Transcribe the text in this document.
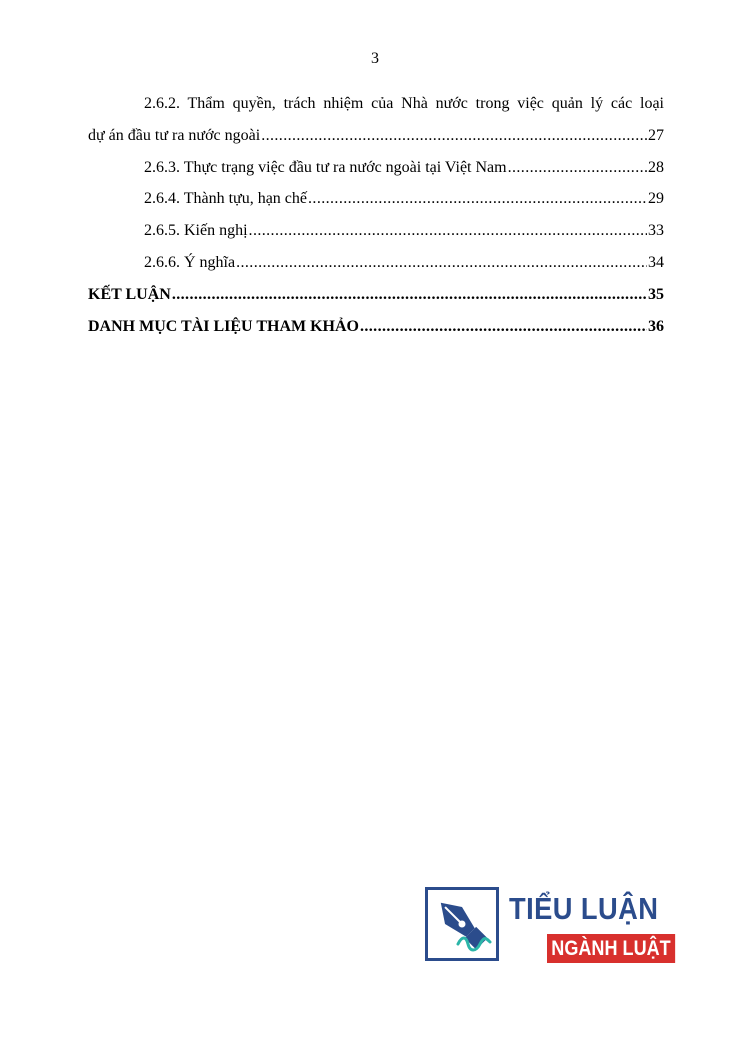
3
2.6.2. Thẩm quyền, trách nhiệm của Nhà nước trong việc quản lý các loại
dự án đầu tư ra nước ngoài .....	27
2.6.3. Thực trạng việc đầu tư ra nước ngoài tại Việt Nam .....	28
2.6.4. Thành tựu, hạn chế .....	29
2.6.5. Kiến nghị .....	33
2.6.6. Ý nghĩa .....	34
KẾT LUẬN .....	35
DANH MỤC TÀI LIỆU THAM KHẢO .....	36
TIỂU LUẬN
NGÀNH LUẬT
